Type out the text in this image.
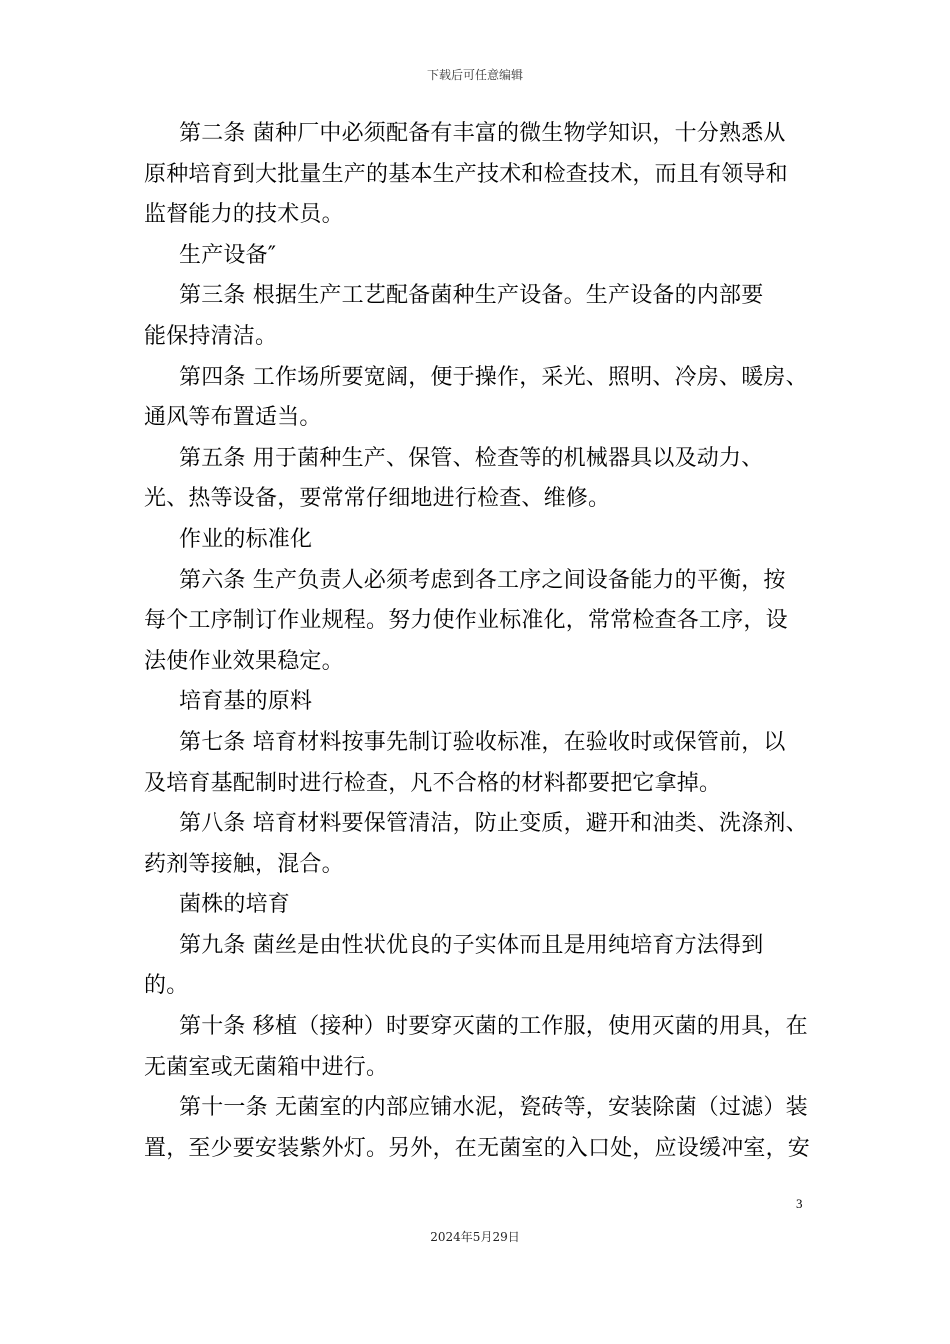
下载后可任意编辑
第二条 菌种厂中必须配备有丰富的微生物学知识，十分熟悉从
原种培育到大批量生产的基本生产技术和检查技术，而且有领导和
监督能力的技术员。
生产设备″
第三条 根据生产工艺配备菌种生产设备。生产设备的内部要
能保持清洁。
第四条 工作场所要宽阔，便于操作，采光、照明、冷房、暖房、
通风等布置适当。
第五条 用于菌种生产、保管、检查等的机械器具以及动力、
光、热等设备，要常常仔细地进行检查、维修。
作业的标准化
第六条 生产负责人必须考虑到各工序之间设备能力的平衡，按
每个工序制订作业规程。努力使作业标准化，常常检查各工序，设
法使作业效果稳定。
培育基的原料
第七条 培育材料按事先制订验收标准，在验收时或保管前，以
及培育基配制时进行检查，凡不合格的材料都要把它拿掉。
第八条 培育材料要保管清洁，防止变质，避开和油类、洗涤剂、
药剂等接触，混合。
菌株的培育
第九条 菌丝是由性状优良的子实体而且是用纯培育方法得到
的。
第十条 移植（接种）时要穿灭菌的工作服，使用灭菌的用具，在
无菌室或无菌箱中进行。
第十一条 无菌室的内部应铺水泥，瓷砖等，安装除菌（过滤）装
置，至少要安装紫外灯。另外，在无菌室的入口处，应设缓冲室，安
3
2024年5月29日
